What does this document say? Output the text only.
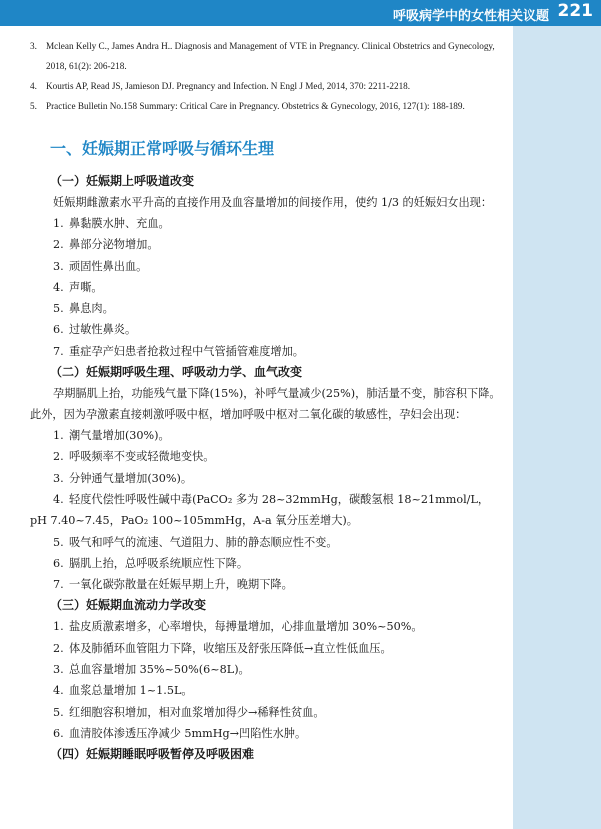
呼吸病学中的女性相关议题 221
3. Mclean Kelly C., James Andra H.. Diagnosis and Management of VTE in Pregnancy. Clinical Obstetrics and Gynecology, 2018, 61(2): 206-218.
4. Kourtis AP, Read JS, Jamieson DJ. Pregnancy and Infection. N Engl J Med, 2014, 370: 2211-2218.
5. Practice Bulletin No.158 Summary: Critical Care in Pregnancy. Obstetrics & Gynecology, 2016, 127(1): 188-189.
一、妊娠期正常呼吸与循环生理
（一）妊娠期上呼吸道改变
妊娠期雌激素水平升高的直接作用及血容量增加的间接作用，使约 1/3 的妊娠妇女出现：
1. 鼻黏膜水肿、充血。
2. 鼻部分泌物增加。
3. 顽固性鼻出血。
4. 声嘶。
5. 鼻息肉。
6. 过敏性鼻炎。
7. 重症孕产妇患者抢救过程中气管插管难度增加。
（二）妊娠期呼吸生理、呼吸动力学、血气改变
孕期膈肌上抬，功能残气量下降(15%)，补呼气量减少(25%)，肺活量不变，肺容积下降。此外，因为孕激素直接刺激呼吸中枢，增加呼吸中枢对二氧化碳的敏感性，孕妇会出现：
1. 潮气量增加(30%)。
2. 呼吸频率不变或轻微地变快。
3. 分钟通气量增加(30%)。
4. 轻度代偿性呼吸性碱中毒(PaCO₂ 多为 28~32mmHg，碳酸氢根 18~21mmol/L，
pH 7.40~7.45，PaO₂ 100~105mmHg，A-a 氧分压差增大)。
5. 吸气和呼气的流速、气道阻力、肺的静态顺应性不变。
6. 膈肌上抬，总呼吸系统顺应性下降。
7. 一氧化碳弥散量在妊娠早期上升，晚期下降。
（三）妊娠期血流动力学改变
1. 盐皮质激素增多，心率增快，每搏量增加，心排血量增加 30%~50%。
2. 体及肺循环血管阻力下降，收缩压及舒张压降低→直立性低血压。
3. 总血容量增加 35%~50%(6~8L)。
4. 血浆总量增加 1~1.5L。
5. 红细胞容积增加，相对血浆增加得少→稀释性贫血。
6. 血清胶体渗透压净减少 5mmHg→凹陷性水肿。
（四）妊娠期睡眠呼吸暂停及呼吸困难
